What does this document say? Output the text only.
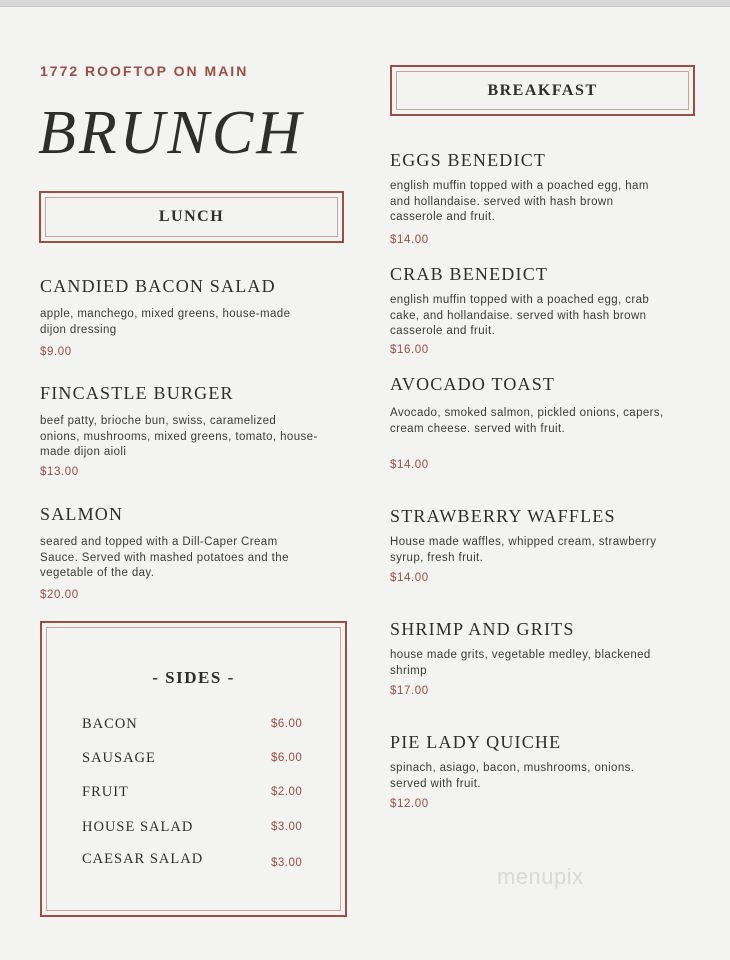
1772 ROOFTOP ON MAIN
BRUNCH
LUNCH
CANDIED BACON SALAD
apple, manchego, mixed greens, house-made
dijon dressing
$9.00
FINCASTLE BURGER
beef patty, brioche bun, swiss, caramelized
onions, mushrooms, mixed greens, tomato, house-
made dijon aioli
$13.00
SALMON
seared and topped with a Dill-Caper Cream
Sauce. Served with mashed potatoes and the
vegetable of the day.
$20.00
- SIDES -
BACON	$6.00
SAUSAGE	$6.00
FRUIT	$2.00
HOUSE SALAD	$3.00
CAESAR SALAD	$3.00
BREAKFAST
EGGS BENEDICT
english muffin topped with a poached egg, ham
and hollandaise. served with hash brown
casserole and fruit.
$14.00
CRAB BENEDICT
english muffin topped with a poached egg, crab
cake, and hollandaise. served with hash brown
casserole and fruit.
$16.00
AVOCADO TOAST
Avocado, smoked salmon, pickled onions, capers,
cream cheese. served with fruit.
$14.00
STRAWBERRY WAFFLES
House made waffles, whipped cream, strawberry
syrup, fresh fruit.
$14.00
SHRIMP AND GRITS
house made grits, vegetable medley, blackened
shrimp
$17.00
PIE LADY QUICHE
spinach, asiago, bacon, mushrooms, onions.
served with fruit.
$12.00
menupix
